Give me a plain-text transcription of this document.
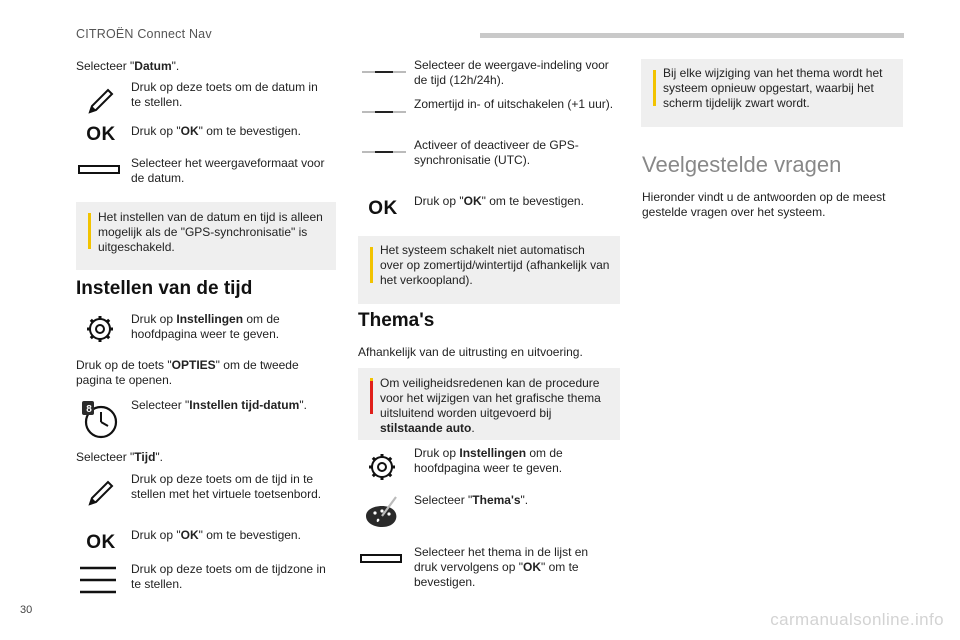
CITROËN Connect Nav
Selecteer "Datum".
Druk op deze toets om de datum in te stellen.
OK	Druk op "OK" om te bevestigen.
Selecteer het weergaveformaat voor de datum.
Het instellen van de datum en tijd is alleen mogelijk als de "GPS-synchronisatie" is uitgeschakeld.
Instellen van de tijd
Druk op Instellingen om de hoofdpagina weer te geven.
Druk op de toets "OPTIES" om de tweede pagina te openen.
8	Selecteer "Instellen tijd-datum".
Selecteer "Tijd".
Druk op deze toets om de tijd in te stellen met het virtuele toetsenbord.
OK	Druk op "OK" om te bevestigen.
Druk op deze toets om de tijdzone in te stellen.
Selecteer de weergave-indeling voor de tijd (12h/24h).
Zomertijd in- of uitschakelen (+1 uur).
Activeer of deactiveer de GPS-synchronisatie (UTC).
OK	Druk op "OK" om te bevestigen.
Het systeem schakelt niet automatisch over op zomertijd/wintertijd (afhankelijk van het verkoopland).
Thema's
Afhankelijk van de uitrusting en uitvoering.
Om veiligheidsredenen kan de procedure voor het wijzigen van het grafische thema uitsluitend worden uitgevoerd bij stilstaande auto.
Druk op Instellingen om de hoofdpagina weer te geven.
Selecteer "Thema's".
Selecteer het thema in de lijst en druk vervolgens op "OK" om te bevestigen.
Bij elke wijziging van het thema wordt het systeem opnieuw opgestart, waarbij het scherm tijdelijk zwart wordt.
Veelgestelde vragen
Hieronder vindt u de antwoorden op de meest gestelde vragen over het systeem.
30	carmanualsonline.info
